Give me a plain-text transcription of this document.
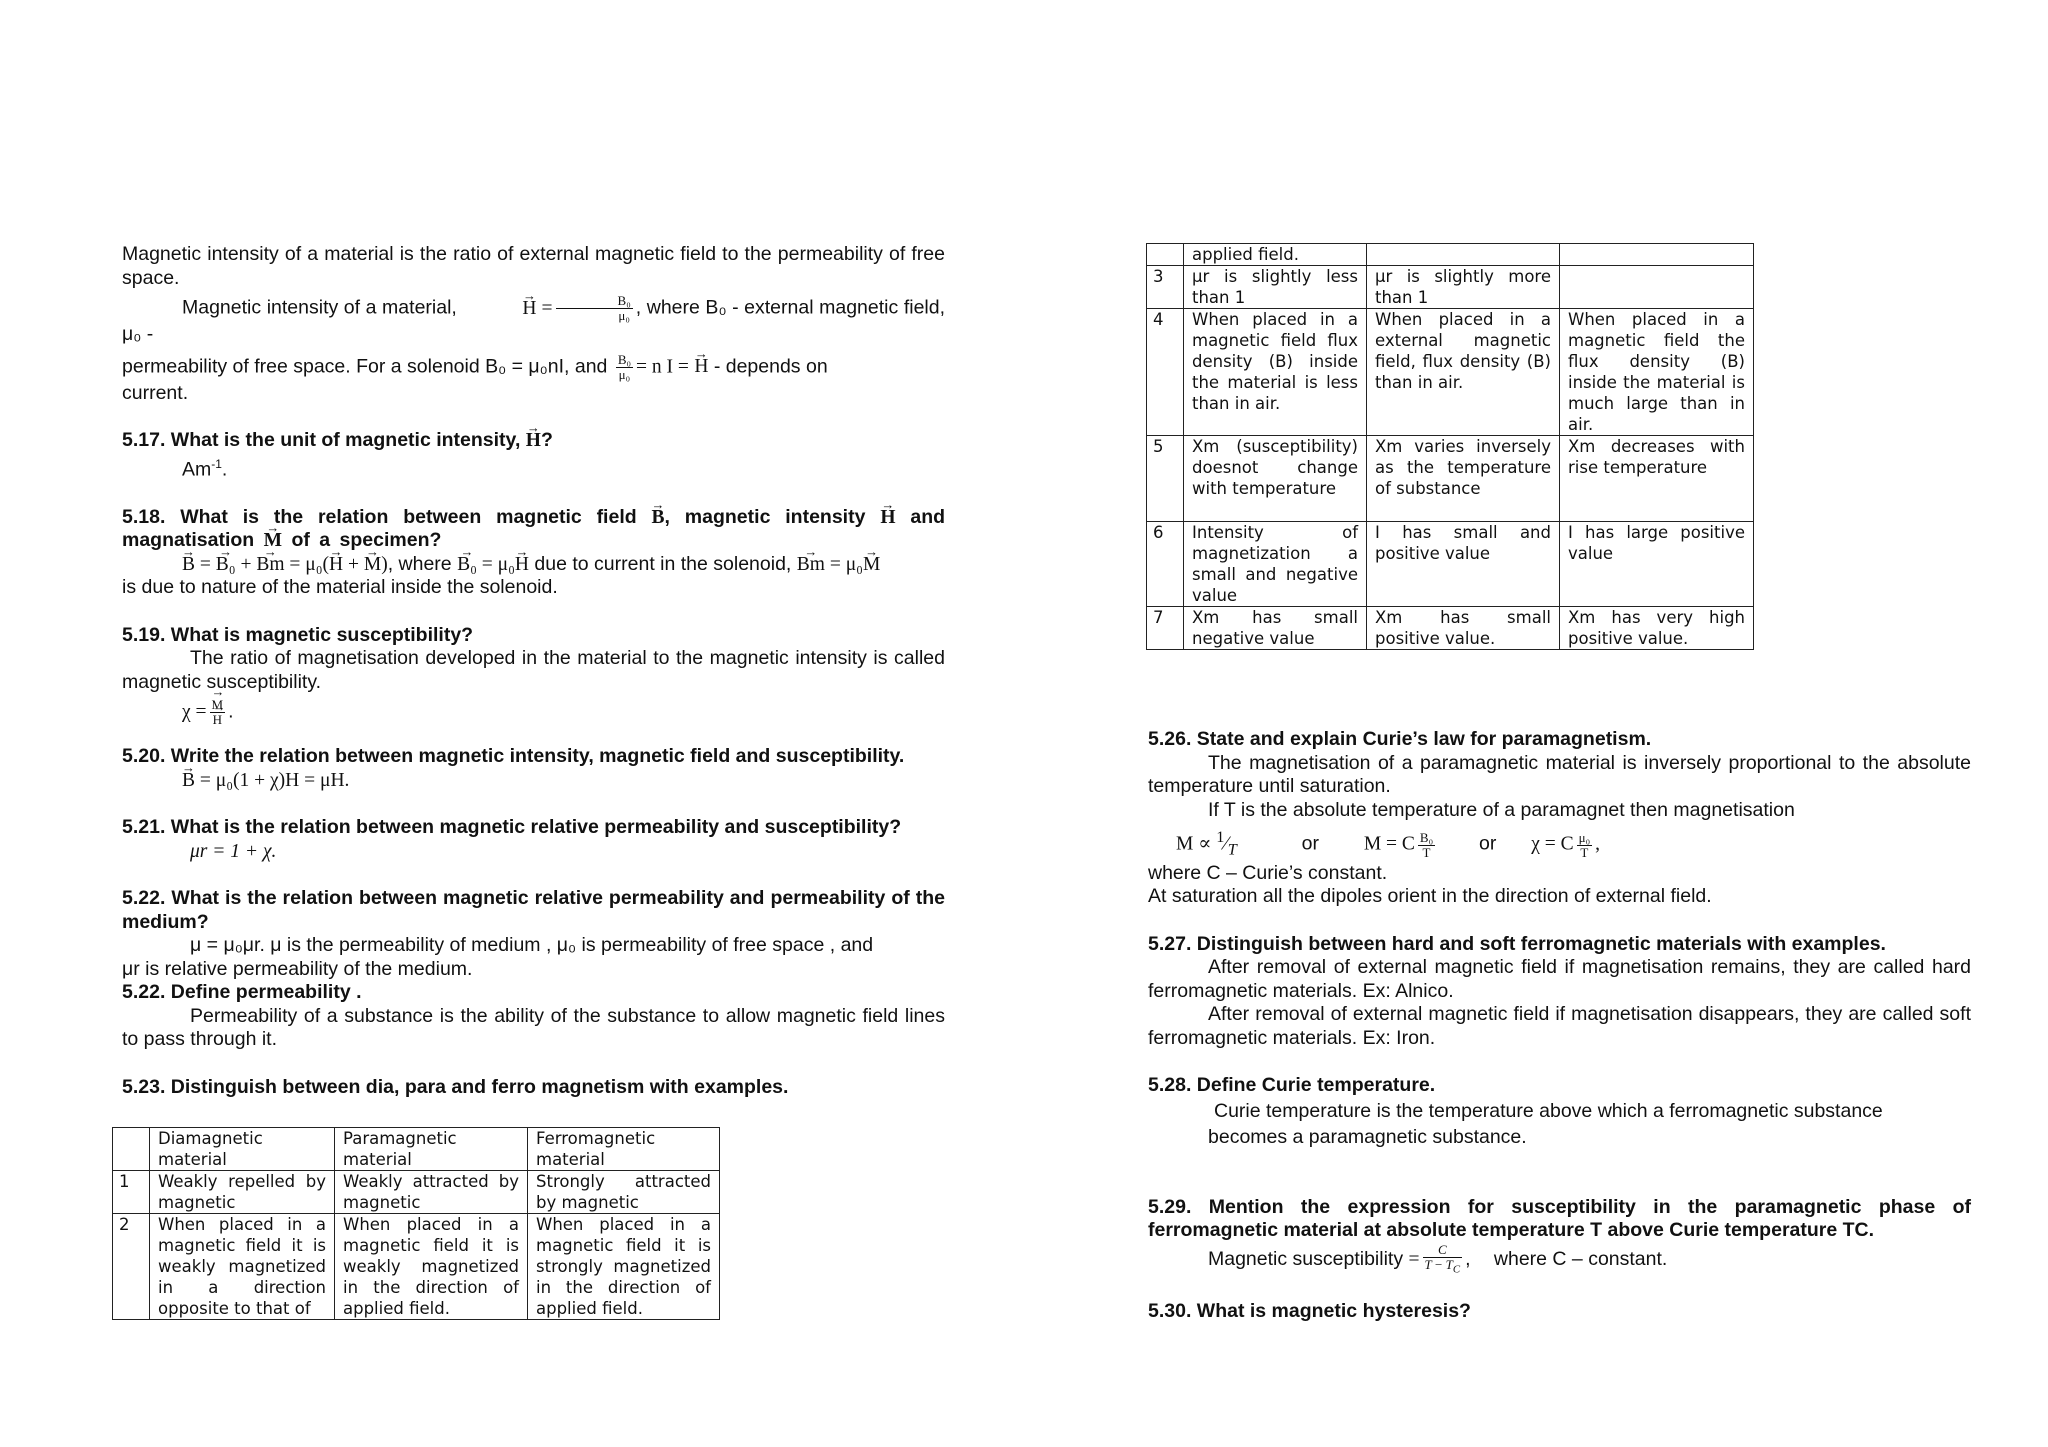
Magnetic intensity of a material is the ratio of external magnetic field to the permeability of free space.

Magnetic intensity of a material,	→ $H = \frac{\text{B₀}}{\text{μ₀}}$ , where B₀ - external magnetic field, μ₀ -

permeability of free space. For a solenoid B₀ = μ₀nI, and $\frac{\text{B₀}}{\text{μ₀}} = n$ I = → H - depends on

current.

5.17. What is the unit of magnetic intensity, → H?

$Am^{-1}$.

5.18. What is the relation between magnetic field → B, magnetic intensity → H and magnatisation → M of a specimen?

→ B = → B₀ + → Bm = μ₀(→ H + → M), where → B₀ = μ₀→ H due to current in the solenoid, → Bm = μ₀→ M

is due to nature of the material inside the solenoid.

5.19. What is magnetic susceptibility?

The ratio of magnetisation developed in the material to the magnetic intensity is called magnetic susceptibility.

χ = → M
→ H .

5.20. Write the relation between magnetic intensity, magnetic field and susceptibility.

→ B = μ₀(1 + χ)H = μH.

5.21. What is the relation between magnetic relative permeability and susceptibility?

μr = 1 + χ.

5.22. What is the relation between magnetic relative permeability and permeability of the medium?

μ = μ₀μr. μ is the permeability of medium , μ₀ is permeability of free space , and

μr is relative permeability of the medium.

5.22. Define permeability .

Permeability of a substance is the ability of the substance to allow magnetic field lines to pass through it.

5.23. Distinguish between dia, para and ferro magnetism with examples.

	Diamagnetic material	Paramagnetic material	Ferromagnetic material
1	Weakly repelled by magnetic	Weakly attracted by magnetic	Strongly attracted by magnetic
2	When placed in a magnetic field it is weakly magnetized in a direction opposite to that of	When placed in a magnetic field it is weakly magnetized in the direction of applied field.	When placed in a magnetic field it is strongly magnetized in the direction of applied field.
	applied field.		
3	μr is slightly less than 1	μr is slightly more than 1	
4	When placed in a magnetic field flux density (B) inside the material is less than in air.	When placed in a external magnetic field, flux density (B) than in air.	When placed in a magnetic field the flux density (B) inside the material is much large than in air.
5	Xm (susceptibility) doesnot change with temperature	Xm varies inversely as the temperature of substance	Xm decreases with rise temperature
6	Intensity of magnetization a small and negative value	I has small and positive value	I has large positive value
7	Xm has small negative value	Xm has small positive value.	Xm has very high positive value.

5.26. State and explain Curie’s law for paramagnetism.

The magnetisation of a paramagnetic material is inversely proportional to the absolute temperature until saturation.

If T is the absolute temperature of a paramagnet then magnetisation

$M \propto ^1⁄_T$	or M = C $\frac{\text{B₀}}{T}$ or χ = C $\frac{\text{μ₀}}{T}$ ,

where C – Curie’s constant.

At saturation all the dipoles orient in the direction of external field.

5.27. Distinguish between hard and soft ferromagnetic materials with examples.

After removal of external magnetic field if magnetisation remains, they are called hard ferromagnetic materials. Ex: Alnico.

After removal of external magnetic field if magnetisation disappears, they are called soft ferromagnetic materials. Ex: Iron.

5.28. Define Curie temperature.

Curie temperature is the temperature above which a ferromagnetic substance becomes a paramagnetic substance.

5.29. Mention the expression for susceptibility in the paramagnetic phase of ferromagnetic material at absolute temperature T above Curie temperature TC.

Magnetic susceptibility = $\frac{C}{T - T_C}$ , where C – constant.

5.30. What is magnetic hysteresis?
